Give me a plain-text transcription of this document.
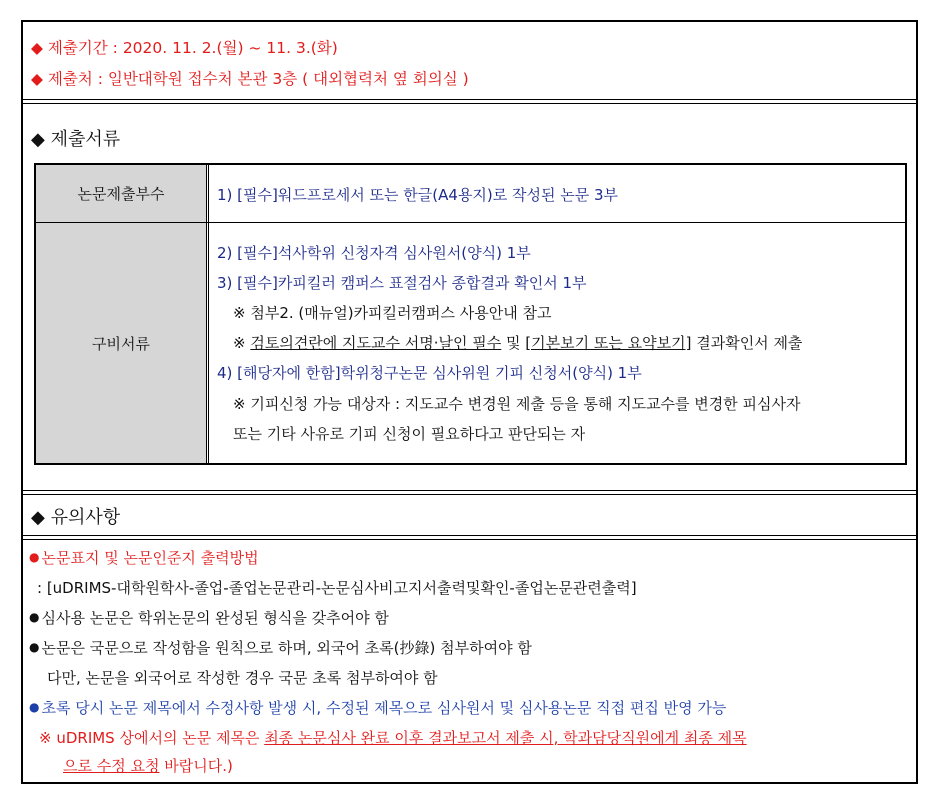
◆ 제출기간 : 2020. 11. 2.(월) ~ 11. 3.(화)
◆ 제출처 : 일반대학원 접수처 본관 3층 ( 대외협력처 옆 회의실 )
◆ 제출서류
논문제출부수
구비서류
1) [필수]워드프로세서 또는 한글(A4용지)로 작성된 논문 3부
2) [필수]석사학위 신청자격 심사원서(양식) 1부
3) [필수]카피킬러 캠퍼스 표절검사 종합결과 확인서 1부
※ 첨부2. (매뉴얼)카피킬러캠퍼스 사용안내 참고
※ 검토의견란에 지도교수 서명·날인 필수 및 [기본보기 또는 요약보기] 결과확인서 제출
4) [해당자에 한함]학위청구논문 심사위원 기피 신청서(양식) 1부
※ 기피신청 가능 대상자 : 지도교수 변경원 제출 등을 통해 지도교수를 변경한 피심사자
또는 기타 사유로 기피 신청이 필요하다고 판단되는 자
◆ 유의사항
● 논문표지 및 논문인준지 출력방법
: [uDRIMS-대학원학사-졸업-졸업논문관리-논문심사비고지서출력및확인-졸업논문관련출력]
● 심사용 논문은 학위논문의 완성된 형식을 갖추어야 함
● 논문은 국문으로 작성함을 원칙으로 하며, 외국어 초록(抄錄) 첨부하여야 함
다만, 논문을 외국어로 작성한 경우 국문 초록 첨부하여야 함
● 초록 당시 논문 제목에서 수정사항 발생 시, 수정된 제목으로 심사원서 및 심사용논문 직접 편집 반영 가능
※ uDRIMS 상에서의 논문 제목은 최종 논문심사 완료 이후 결과보고서 제출 시, 학과담당직원에게 최종 제목
으로 수정 요청 바랍니다.)
